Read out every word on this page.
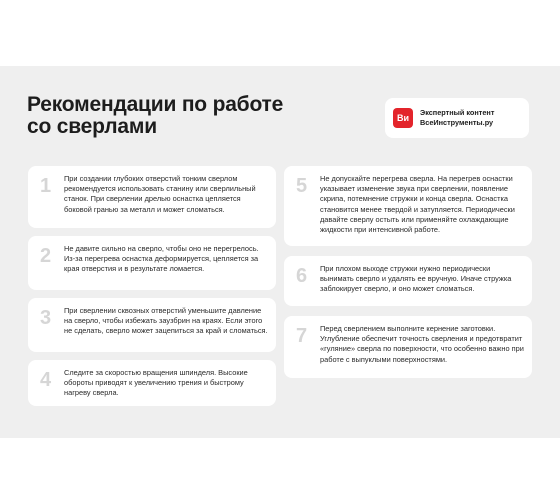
Рекомендации по работе
со сверлами	Ви
Экспертный контент
ВсеИнструменты.ру
1 При создании глубоких отверстий тонким сверлом рекомендуется использовать станину или сверлильный станок. При сверлении дрелью оснастка цепляется боковой гранью за металл и может сломаться.
2 Не давите сильно на сверло, чтобы оно не перегрелось. Из-за перегрева оснастка деформируется, цепляется за края отверстия и в результате ломается.
3 При сверлении сквозных отверстий уменьшите давление на сверло, чтобы избежать заузбрин на краях. Если этого не сделать, сверло может зацепиться за край и сломаться.
4 Следите за скоростью вращения шпинделя. Высокие обороты приводят к увеличению трения и быстрому нагреву сверла.
5 Не допускайте перегрева сверла. На перегрев оснастки указывает изменение звука при сверлении, появление скрипа, потемнение стружки и конца сверла. Оснастка становится менее твердой и затупляется. Периодически давайте сверлу остыть или применяйте охлаждающие жидкости при интенсивной работе.
6 При плохом выходе стружки нужно периодически вынимать сверло и удалять ее вручную. Иначе стружка заблокирует сверло, и оно может сломаться.
7 Перед сверлением выполните кернение заготовки. Углубление обеспечит точность сверления и предотвратит «гуляние» сверла по поверхности, что особенно важно при работе с выпуклыми поверхностями.
